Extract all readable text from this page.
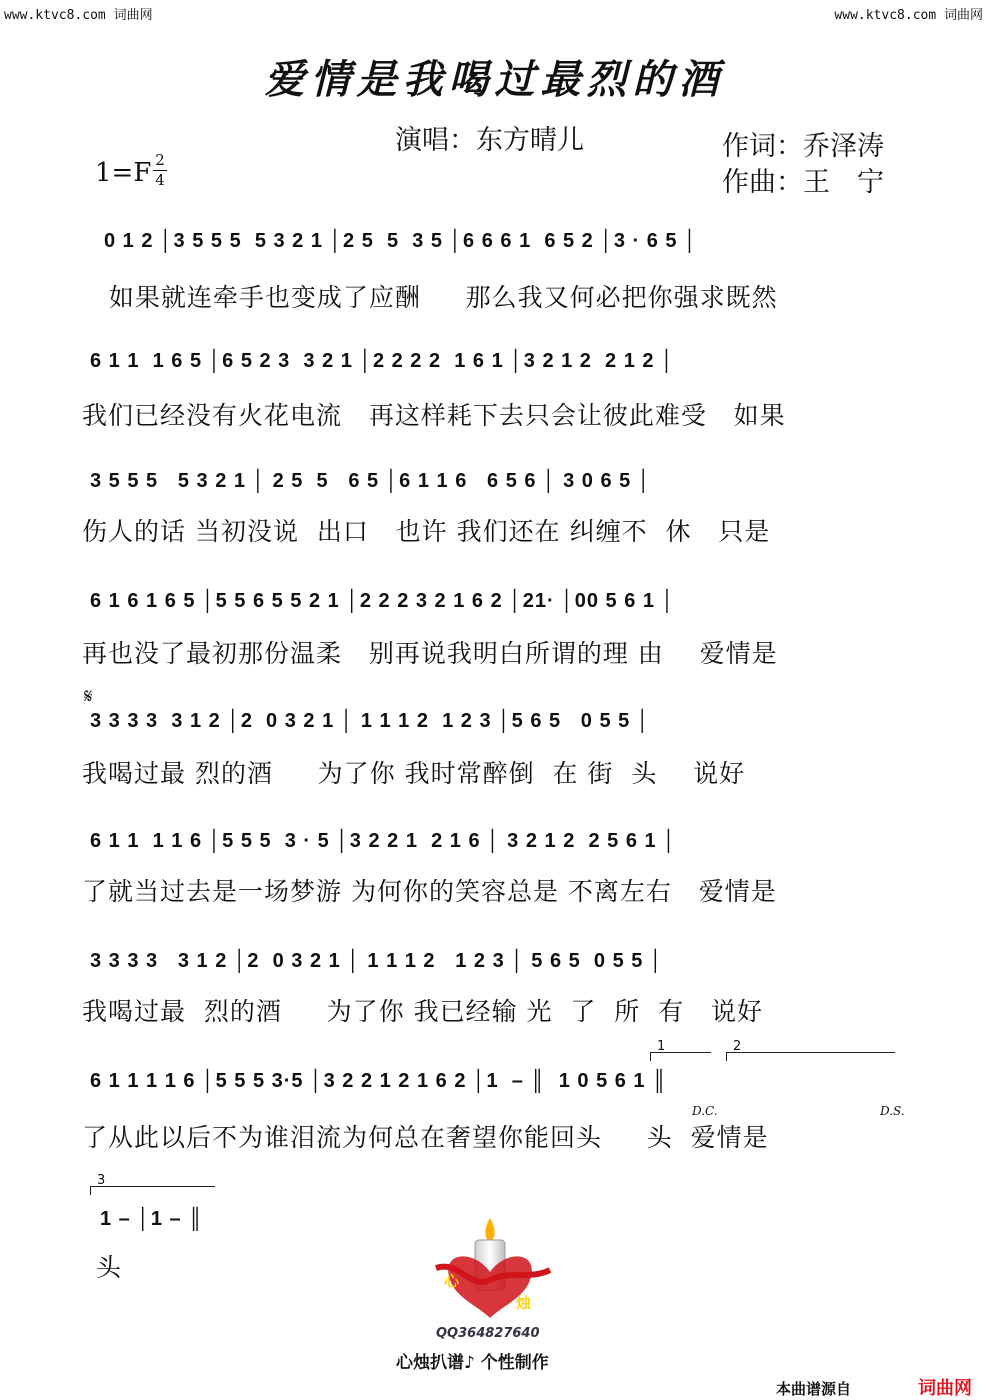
www.ktvc8.com 词曲网	www.ktvc8.com 词曲网
爱情是我喝过最烈的酒
演唱：东方晴儿	作词：乔泽涛
作曲：王　宁
1=F 2
4
0 1 2 │3 5 5 5  5 3 2 1 │2 5  5  3 5 │6 6 6 1  6 5 2 │3 · 6 5 │
如果就连牵手也变成了应酬     那么我又何必把你强求既然
6 1 1  1 6 5 │6 5 2 3  3 2 1 │2 2 2 2  1 6 1 │3 2 1 2  2 1 2 │
我们已经没有火花电流   再这样耗下去只会让彼此难受   如果
3 5 5 5   5 3 2 1 │ 2 5  5   6 5 │6 1 1 6   6 5 6 │ 3 0 6 5 │
伤人的话 当初没说  出口   也许 我们还在 纠缠不  休   只是
6 1 6 1 6 5 │5 5 6 5 5 2 1 │2 2 2 3 2 1 6 2 │21· │00 5 6 1 │
再也没了最初那份温柔   别再说我明白所谓的理 由    爱情是
𝄋
3 3 3 3  3 1 2 │2  0 3 2 1 │ 1 1 1 2  1 2 3 │5 6 5   0 5 5 │
我喝过最 烈的酒     为了你 我时常醉倒  在 街  头    说好
6 1 1  1 1 6 │5 5 5  3 · 5 │3 2 2 1  2 1 6 │ 3 2 1 2  2 5 6 1 │
了就当过去是一场梦游 为何你的笑容总是 不离左右   爱情是
3 3 3 3   3 1 2 │2  0 3 2 1 │ 1 1 1 2   1 2 3 │ 5 6 5  0 5 5 │
我喝过最  烈的酒     为了你 我已经输 光  了  所  有   说好
1	2
6 1 1 1 1 6 │5 5 5 3·5 │3 2 2 1 2 1 6 2 │1  – ║  1 0 5 6 1 ║
D.C.	D.S.
了从此以后不为谁泪流为何总在奢望你能回头     头  爱情是
3
1 – │1 – ║
头	心
烛
QQ364827640
心烛扒谱♪ 个性制作
本曲谱源自	词曲网
